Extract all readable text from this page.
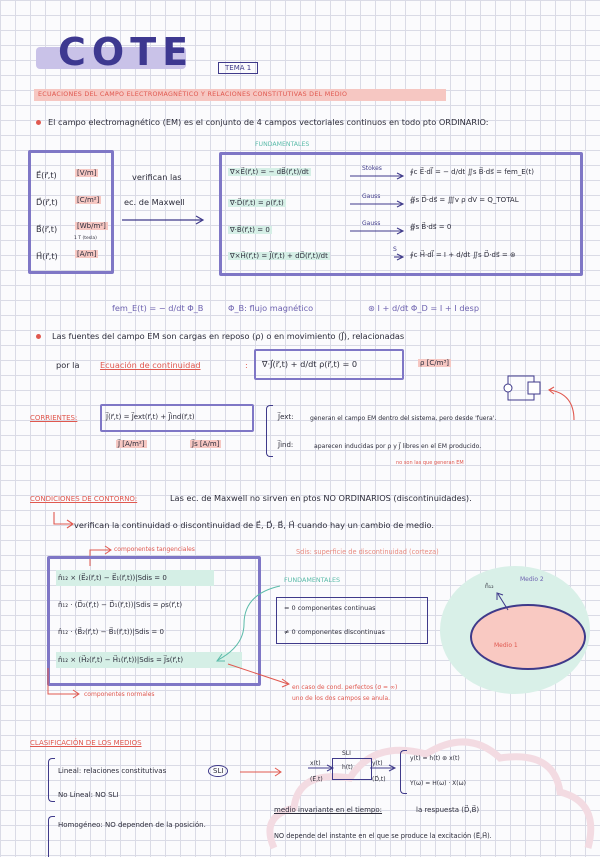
COTE	TEMA 1
ECUACIONES DEL CAMPO ELECTROMAGNÉTICO Y RELACIONES CONSTITUTIVAS DEL MEDIO
El campo electromagnético (EM) es el conjunto de 4 campos vectoriales continuos en todo pto ORDINARIO:
E⃗(r⃗,t)	[V/m]
D⃗(r⃗,t)	[C/m²]
B⃗(r⃗,t)	[Wb/m²]
1 T (tesla)
H⃗(r⃗,t)	[A/m]
verifican las
ec. de Maxwell
FUNDAMENTALES
∇×E⃗(r⃗,t) = − dB⃗(r⃗,t)/dt
∇·D⃗(r⃗,t) = ρ(r⃗,t)
∇·B⃗(r⃗,t) = 0
∇×H⃗(r⃗,t) = J⃗(r⃗,t) + dD⃗(r⃗,t)/dt
Stokes
Gauss
Gauss
S
∮c E⃗·dl⃗ = − d/dt ∬s B⃗·ds⃗ = fem_E(t)
∯s D⃗·ds⃗ = ∭v ρ dV = Q_TOTAL
∯s B⃗·ds⃗ = 0
∮c H⃗·dl⃗ = I + d/dt ∬s D⃗·ds⃗ = ⊛
fem_E(t) = − d/dt Φ_B	Φ_B: flujo magnético	⊛ I + d/dt Φ_D = I + I desp
Las fuentes del campo EM son cargas en reposo (ρ) o en movimiento (J⃗), relacionadas
por la	Ecuación de continuidad	: ∇·J⃗(r⃗,t) + d/dt ρ(r⃗,t) = 0	ρ [C/m³]
CORRIENTES:	J⃗(r⃗,t) = J⃗ext(r⃗,t) + J⃗ind(r⃗,t)
J⃗ [A/m²]	J⃗s [A/m]
J⃗ext:	generan el campo EM dentro del sistema, pero desde 'fuera'.
J⃗ind:	aparecen inducidas por ρ y J⃗ libres en el EM producido.
no son las que generan EM
CONDICIONES DE CONTORNO:	Las ec. de Maxwell no sirven en ptos NO ORDINARIOS (discontinuidades).
verifican la continuidad o discontinuidad de E⃗, D⃗, B⃗, H⃗ cuando hay un cambio de medio.
componentes tangenciales
n̂₁₂ × (E⃗₂(r⃗,t) − E⃗₁(r⃗,t))|Sdis = 0
n̂₁₂ · (D⃗₂(r⃗,t) − D⃗₁(r⃗,t))|Sdis = ρs(r⃗,t)
n̂₁₂ · (B⃗₂(r⃗,t) − B⃗₁(r⃗,t))|Sdis = 0
n̂₁₂ × (H⃗₂(r⃗,t) − H⃗₁(r⃗,t))|Sdis = J⃗s(r⃗,t)
componentes normales
FUNDAMENTALES
= 0 componentes continuas
≠ 0 componentes discontinuas
Sdis: superficie de discontinuidad (corteza)
Medio 2
Medio 1
n̂₁₂
en caso de cond. perfectos (σ = ∞)
uno de los dos campos se anula.
CLASIFICACIÓN DE LOS MEDIOS
Lineal: relaciones constitutivas	SLI
No Lineal: NO SLI
Homogéneo: NO dependen de la posición.
SLI
h(t)
x(t)
(E⃗,t)
y(t)
(D⃗,t)
y(t) = h(t) ⊛ x(t)
Y(ω) = H(ω) · X(ω)
medio invariante en el tiempo:	la respuesta (D⃗,B⃗)
NO depende del instante en el que se produce la excitación (E⃗,H⃗).
